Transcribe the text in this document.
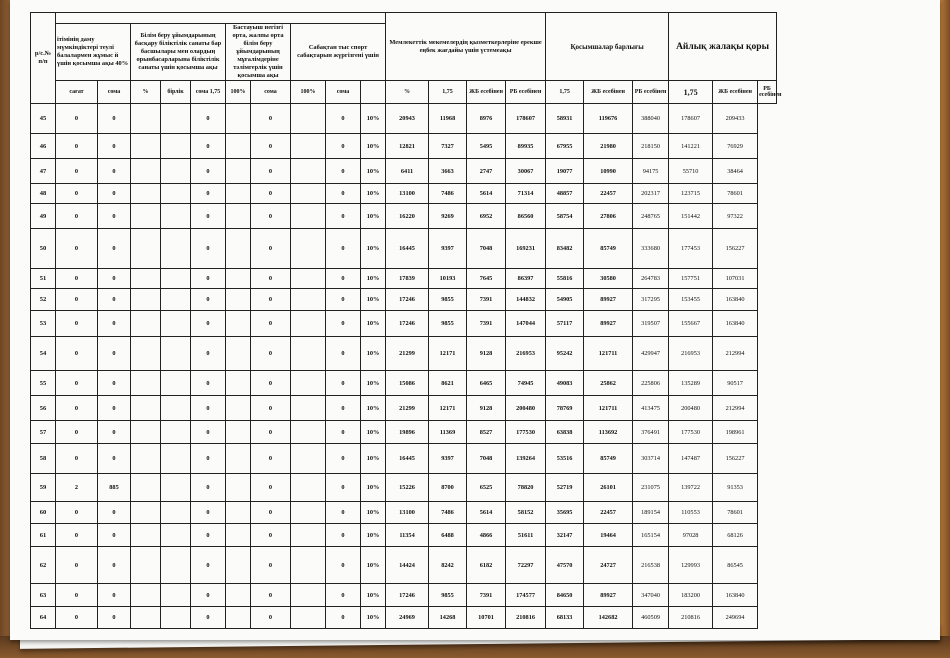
р/с.№ п/п		Мемлекеттік мекемелердің қызметкерлеріне ерекше еңбек жағдайы үшін үстемеақы	Қосымшалар барлығы	Айлық жалақы қоры
ітімінің даму мүмкіндіктері теулі балалармен жұмыс й үшін қосымша ақы 40%	Білім беру ұйымдарының басқару біліктілік санаты бар басшылары мен олардың орынбасарларына біліктілік санаты үшін қосымша ақы	Бастауыш негізгі орта, жалпы орта білім беру ұйымдарының мұғалімдеріне тәлімгерлік үшін қосымша ақы	Сабақтан тыс спорт сабақтарын жүргізгені үшін
сағат	сома	%	бірлік	сома 1,75	100%	сома	100%	сома		%	1,75	ЖБ есебінен	РБ есебінен	1,75	ЖБ есебінен	РБ есебінен	1,75	ЖБ есебінен	РБ есебінен
45	0	0			0		0		0	10%	20943	11968	8976	178607	58931	119676	388040	178607	209433
46	0	0			0		0		0	10%	12821	7327	5495	89935	67955	21980	218150	141221	76929
47	0	0			0		0		0	10%	6411	3663	2747	30067	19077	10990	94175	55710	38464
48	0	0			0		0		0	10%	13100	7486	5614	71314	48857	22457	202317	123715	78601
49	0	0			0		0		0	10%	16220	9269	6952	86560	58754	27806	248765	151442	97322
50	0	0			0		0		0	10%	16445	9397	7048	169231	83482	85749	333680	177453	156227
51	0	0			0		0		0	10%	17839	10193	7645	86397	55816	30580	264783	157751	107031
52	0	0			0		0		0	10%	17246	9855	7391	144832	54905	89927	317295	153455	163840
53	0	0			0		0		0	10%	17246	9855	7391	147044	57117	89927	319507	155667	163840
54	0	0			0		0		0	10%	21299	12171	9128	216953	95242	121711	429947	216953	212994
55	0	0			0		0		0	10%	15086	8621	6465	74945	49083	25862	225806	135289	90517
56	0	0			0		0		0	10%	21299	12171	9128	200480	78769	121711	413475	200480	212994
57	0	0			0		0		0	10%	19896	11369	8527	177530	63838	113692	376491	177530	198961
58	0	0			0		0		0	10%	16445	9397	7048	139264	53516	85749	303714	147487	156227
59	2	885			0		0		0	10%	15226	8700	6525	78820	52719	26101	231075	139722	91353
60	0	0			0		0		0	10%	13100	7486	5614	58152	35695	22457	189154	110553	78601
61	0	0			0		0		0	10%	11354	6488	4866	51611	32147	19464	165154	97028	68126
62	0	0			0		0		0	10%	14424	8242	6182	72297	47570	24727	216538	129993	86545
63	0	0			0		0		0	10%	17246	9855	7391	174577	84650	89927	347040	183200	163840
64	0	0			0		0		0	10%	24969	14268	10701	210816	68133	142682	460509	210816	249694
